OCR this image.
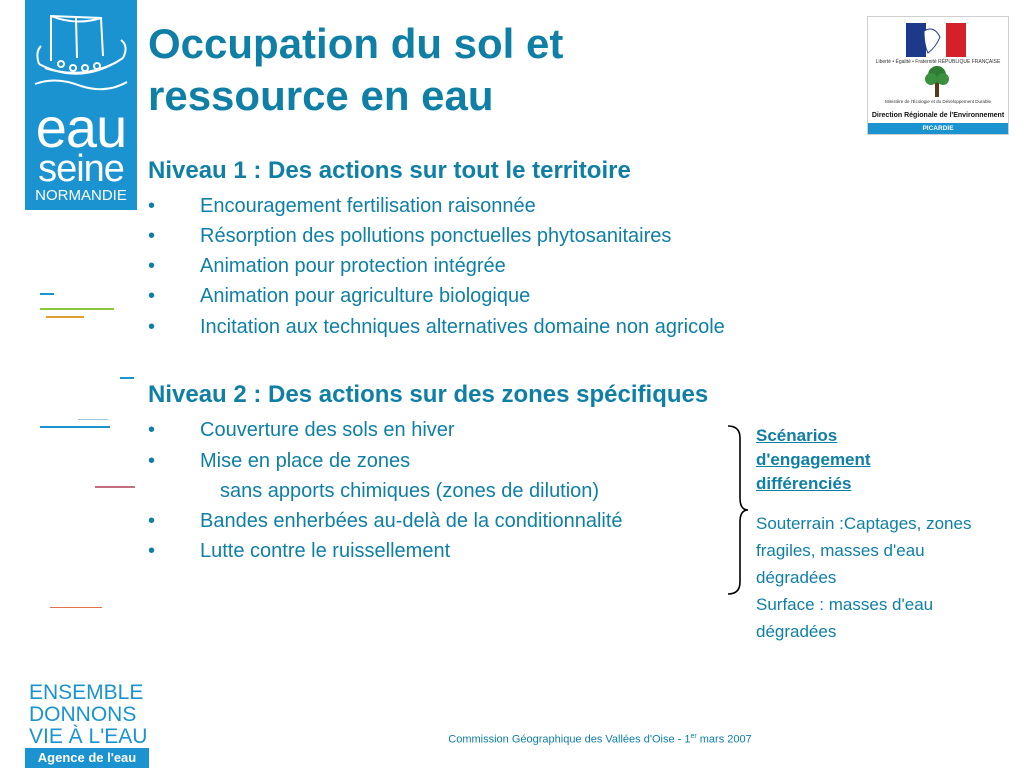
eau
seine
NORMANDIE
ENSEMBLE
DONNONS
VIE À L'EAU
Agence de l'eau
Occupation du sol et ressource en eau
Liberté • Égalité • Fraternité RÉPUBLIQUE FRANÇAISE
Ministère de l'Écologie et du Développement Durable
Direction Régionale de l'Environnement
PICARDIE
Niveau 1 : Des actions sur tout le territoire
• Encouragement fertilisation raisonnée
• Résorption des pollutions ponctuelles phytosanitaires
• Animation pour protection intégrée
• Animation pour agriculture biologique
• Incitation aux techniques alternatives domaine non agricole
Niveau 2 : Des actions sur des zones spécifiques
• Couverture des sols en hiver
• Mise en place de zones
sans apports chimiques (zones de dilution)
• Bandes enherbées au-delà de la conditionnalité
• Lutte contre le ruissellement
Scénarios d'engagement différenciés
Souterrain :Captages, zones fragiles, masses d'eau dégradées
Surface : masses d'eau dégradées
Commission Géographique des Vallées d'Oise - 1er mars 2007
